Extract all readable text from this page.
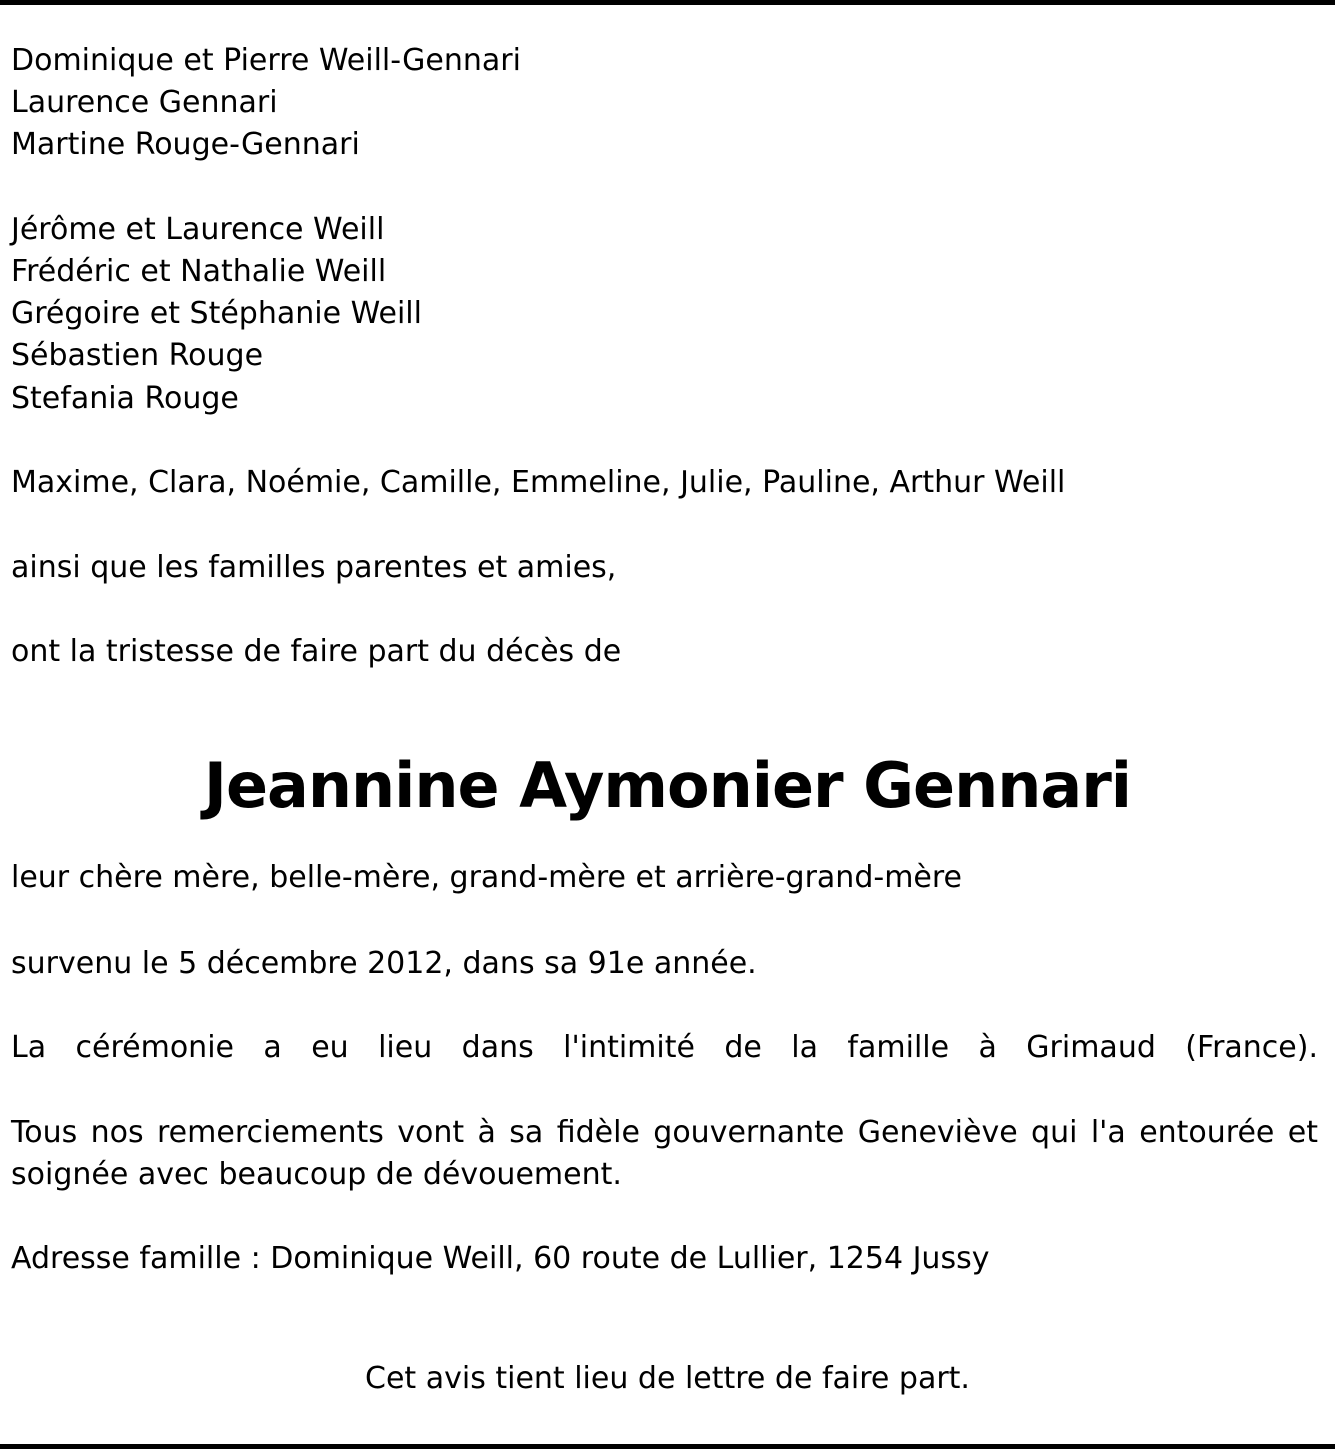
Dominique et Pierre Weill-Gennari
Laurence Gennari
Martine Rouge-Gennari
Jérôme et Laurence Weill
Frédéric et Nathalie Weill
Grégoire et Stéphanie Weill
Sébastien Rouge
Stefania Rouge
Maxime, Clara, Noémie, Camille, Emmeline, Julie, Pauline, Arthur Weill
ainsi que les familles parentes et amies,
ont la tristesse de faire part du décès de
Jeannine Aymonier Gennari
leur chère mère, belle-mère, grand-mère et arrière-grand-mère
survenu le 5 décembre 2012, dans sa 91e année.
La cérémonie a eu lieu dans l'intimité de la famille à Grimaud (France).
Tous nos remerciements vont à sa fidèle gouvernante Geneviève qui l'a entourée et
soignée avec beaucoup de dévouement.
Adresse famille : Dominique Weill, 60 route de Lullier, 1254 Jussy
Cet avis tient lieu de lettre de faire part.
